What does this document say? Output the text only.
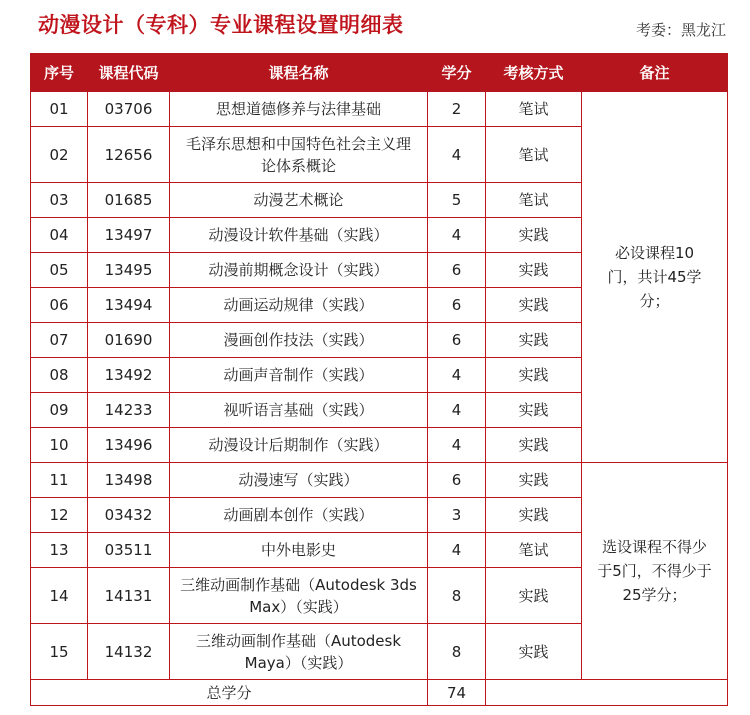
动漫设计（专科）专业课程设置明细表	考委：黑龙江
序号	课程代码	课程名称	学分	考核方式	备注
01	03706	思想道德修养与法律基础	2	笔试	必设课程10门，共计45学分；
02	12656	毛泽东思想和中国特色社会主义理论体系概论	4	笔试	
03	01685	动漫艺术概论	5	笔试	
04	13497	动漫设计软件基础（实践）	4	实践	
05	13495	动漫前期概念设计（实践）	6	实践	
06	13494	动画运动规律（实践）	6	实践	
07	01690	漫画创作技法（实践）	6	实践	
08	13492	动画声音制作（实践）	4	实践	
09	14233	视听语言基础（实践）	4	实践	
10	13496	动漫设计后期制作（实践）	4	实践	
11	13498	动漫速写（实践）	6	实践	选设课程不得少于5门，不得少于25学分；
12	03432	动画剧本创作（实践）	3	实践	
13	03511	中外电影史	4	笔试	
14	14131	三维动画制作基础（Autodesk 3ds Max）（实践）	8	实践	
15	14132	三维动画制作基础（Autodesk Maya）（实践）	8	实践	
总学分			74		
